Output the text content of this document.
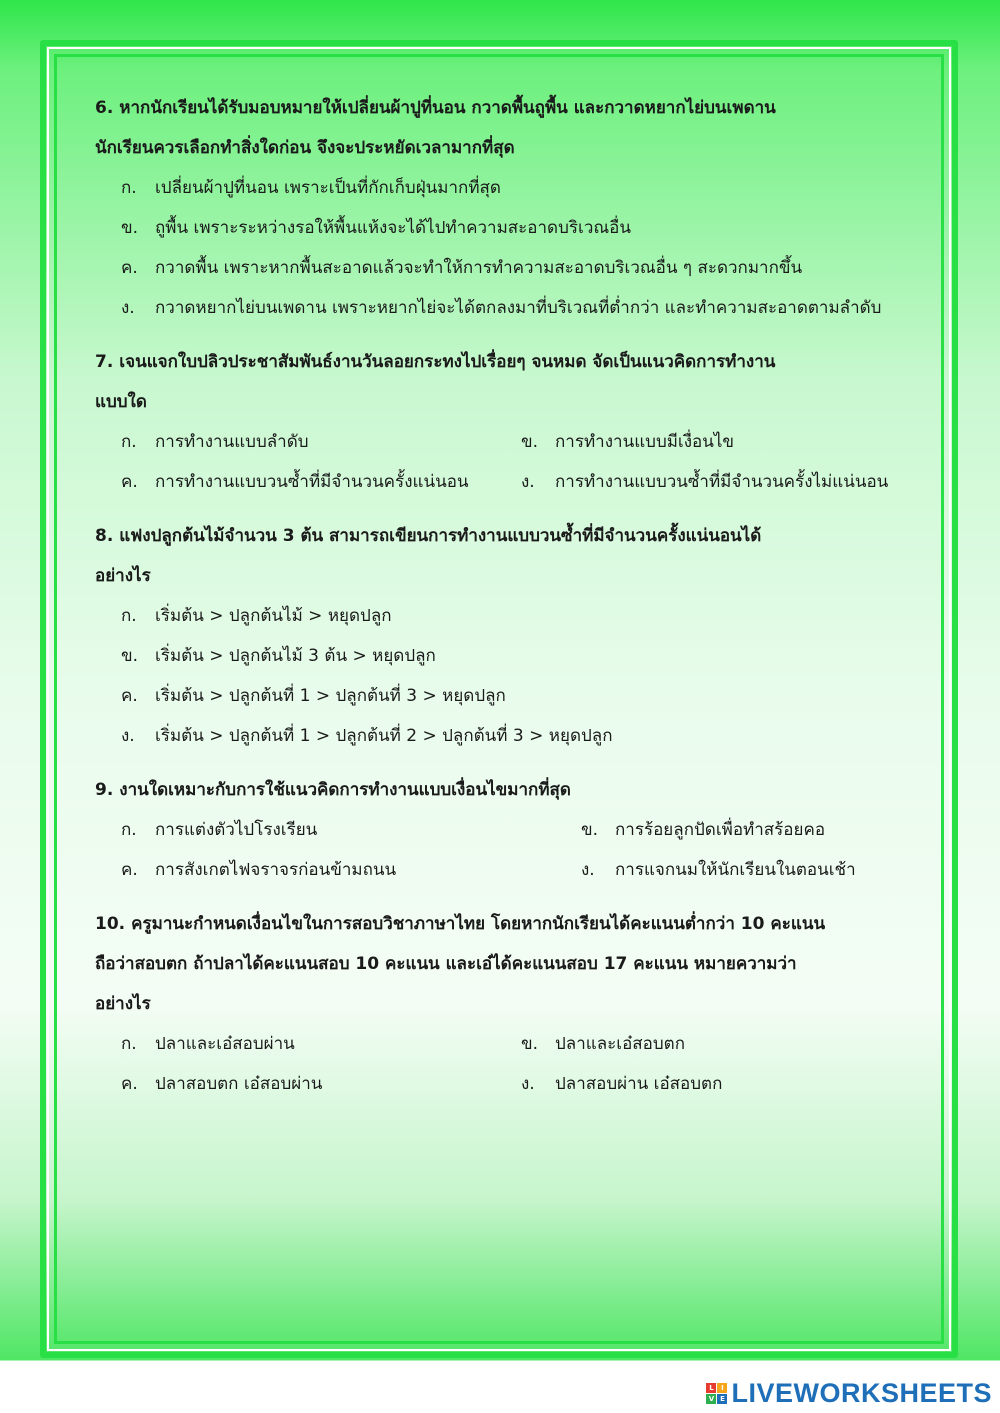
6. หากนักเรียนได้รับมอบหมายให้เปลี่ยนผ้าปูที่นอน กวาดพื้นถูพื้น และกวาดหยากไย่บนเพดาน

นักเรียนควรเลือกทำสิ่งใดก่อน จึงจะประหยัดเวลามากที่สุด

ก. เปลี่ยนผ้าปูที่นอน เพราะเป็นที่กักเก็บฝุ่นมากที่สุด
ข. ถูพื้น เพราะระหว่างรอให้พื้นแห้งจะได้ไปทำความสะอาดบริเวณอื่น
ค. กวาดพื้น เพราะหากพื้นสะอาดแล้วจะทำให้การทำความสะอาดบริเวณอื่น ๆ สะดวกมากขึ้น
ง. กวาดหยากไย่บนเพดาน เพราะหยากไย่จะได้ตกลงมาที่บริเวณที่ต่ำกว่า และทำความสะอาดตามลำดับ

7. เจนแจกใบปลิวประชาสัมพันธ์งานวันลอยกระทงไปเรื่อยๆ จนหมด จัดเป็นแนวคิดการทำงาน

แบบใด

ก. การทำงานแบบลำดับ	ข. การทำงานแบบมีเงื่อนไข
ค. การทำงานแบบวนซ้ำที่มีจำนวนครั้งแน่นอน	ง. การทำงานแบบวนซ้ำที่มีจำนวนครั้งไม่แน่นอน

8. แฟงปลูกต้นไม้จำนวน 3 ต้น สามารถเขียนการทำงานแบบวนซ้ำที่มีจำนวนครั้งแน่นอนได้

อย่างไร

ก. เริ่มต้น > ปลูกต้นไม้ > หยุดปลูก
ข. เริ่มต้น > ปลูกต้นไม้ 3 ต้น > หยุดปลูก
ค. เริ่มต้น > ปลูกต้นที่ 1 > ปลูกต้นที่ 3 > หยุดปลูก
ง. เริ่มต้น > ปลูกต้นที่ 1 > ปลูกต้นที่ 2 > ปลูกต้นที่ 3 > หยุดปลูก

9. งานใดเหมาะกับการใช้แนวคิดการทำงานแบบเงื่อนไขมากที่สุด

ก. การแต่งตัวไปโรงเรียน	ข. การร้อยลูกปัดเพื่อทำสร้อยคอ
ค. การสังเกตไฟจราจรก่อนข้ามถนน	ง. การแจกนมให้นักเรียนในตอนเช้า

10. ครูมานะกำหนดเงื่อนไขในการสอบวิชาภาษาไทย โดยหากนักเรียนได้คะแนนต่ำกว่า 10 คะแนน

ถือว่าสอบตก ถ้าปลาได้คะแนนสอบ 10 คะแนน และเอ๋ได้คะแนนสอบ 17 คะแนน หมายความว่า

อย่างไร

ก. ปลาและเอ๋สอบผ่าน	ข. ปลาและเอ๋สอบตก
ค. ปลาสอบตก เอ๋สอบผ่าน	ง. ปลาสอบผ่าน เอ๋สอบตก
L	I
V E LIVEWORKSHEETS
